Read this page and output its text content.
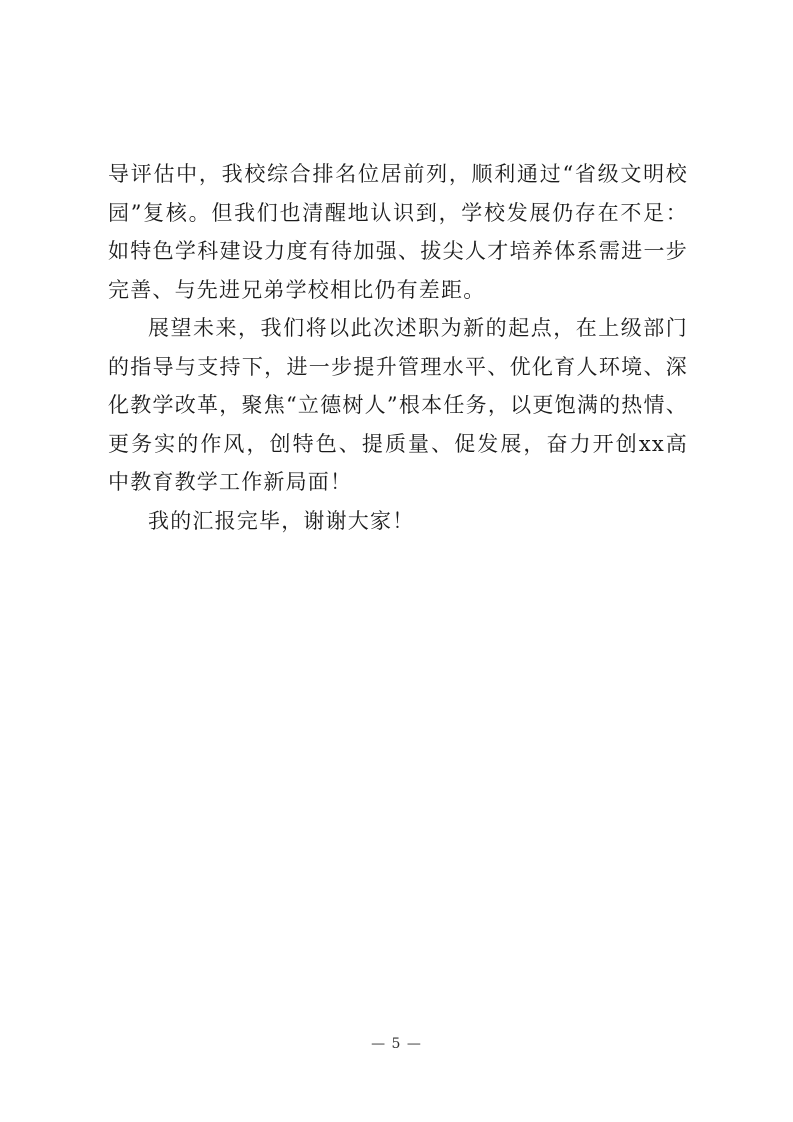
导评估中，我校综合排名位居前列，顺利通过“省级文明校园”复核。但我们也清醒地认识到，学校发展仍存在不足：如特色学科建设力度有待加强、拔尖人才培养体系需进一步完善、与先进兄弟学校相比仍有差距。

展望未来，我们将以此次述职为新的起点，在上级部门的指导与支持下，进一步提升管理水平、优化育人环境、深化教学改革，聚焦“立德树人”根本任务，以更饱满的热情、更务实的作风，创特色、提质量、促发展，奋力开创xx高中教育教学工作新局面！

我的汇报完毕，谢谢大家！

— 5 —
